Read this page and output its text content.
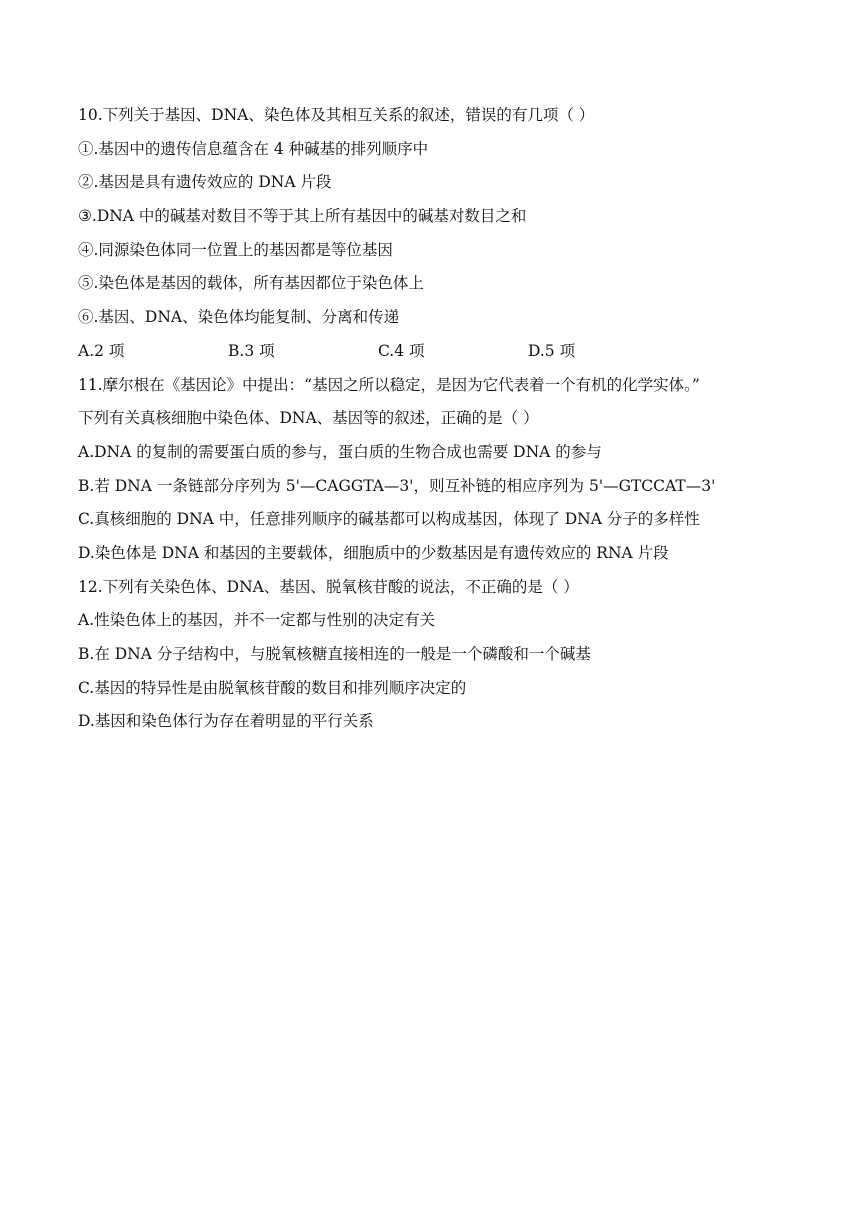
10.下列关于基因、DNA、染色体及其相互关系的叙述，错误的有几项（ ）
①.基因中的遗传信息蕴含在 4 种碱基的排列顺序中
②.基因是具有遗传效应的 DNA 片段
③.DNA 中的碱基对数目不等于其上所有基因中的碱基对数目之和
④.同源染色体同一位置上的基因都是等位基因
⑤.染色体是基因的载体，所有基因都位于染色体上
⑥.基因、DNA、染色体均能复制、分离和传递
A.2 项	B.3 项	C.4 项	D.5 项
11.摩尔根在《基因论》中提出：“基因之所以稳定，是因为它代表着一个有机的化学实体。”
下列有关真核细胞中染色体、DNA、基因等的叙述，正确的是（ ）
A.DNA 的复制的需要蛋白质的参与，蛋白质的生物合成也需要 DNA 的参与
B.若 DNA 一条链部分序列为 5'—CAGGTA—3'，则互补链的相应序列为 5'—GTCCAT—3'
C.真核细胞的 DNA 中，任意排列顺序的碱基都可以构成基因，体现了 DNA 分子的多样性
D.染色体是 DNA 和基因的主要载体，细胞质中的少数基因是有遗传效应的 RNA 片段
12.下列有关染色体、DNA、基因、脱氧核苷酸的说法，不正确的是（ ）
A.性染色体上的基因，并不一定都与性别的决定有关
B.在 DNA 分子结构中，与脱氧核糖直接相连的一般是一个磷酸和一个碱基
C.基因的特异性是由脱氧核苷酸的数目和排列顺序决定的
D.基因和染色体行为存在着明显的平行关系
